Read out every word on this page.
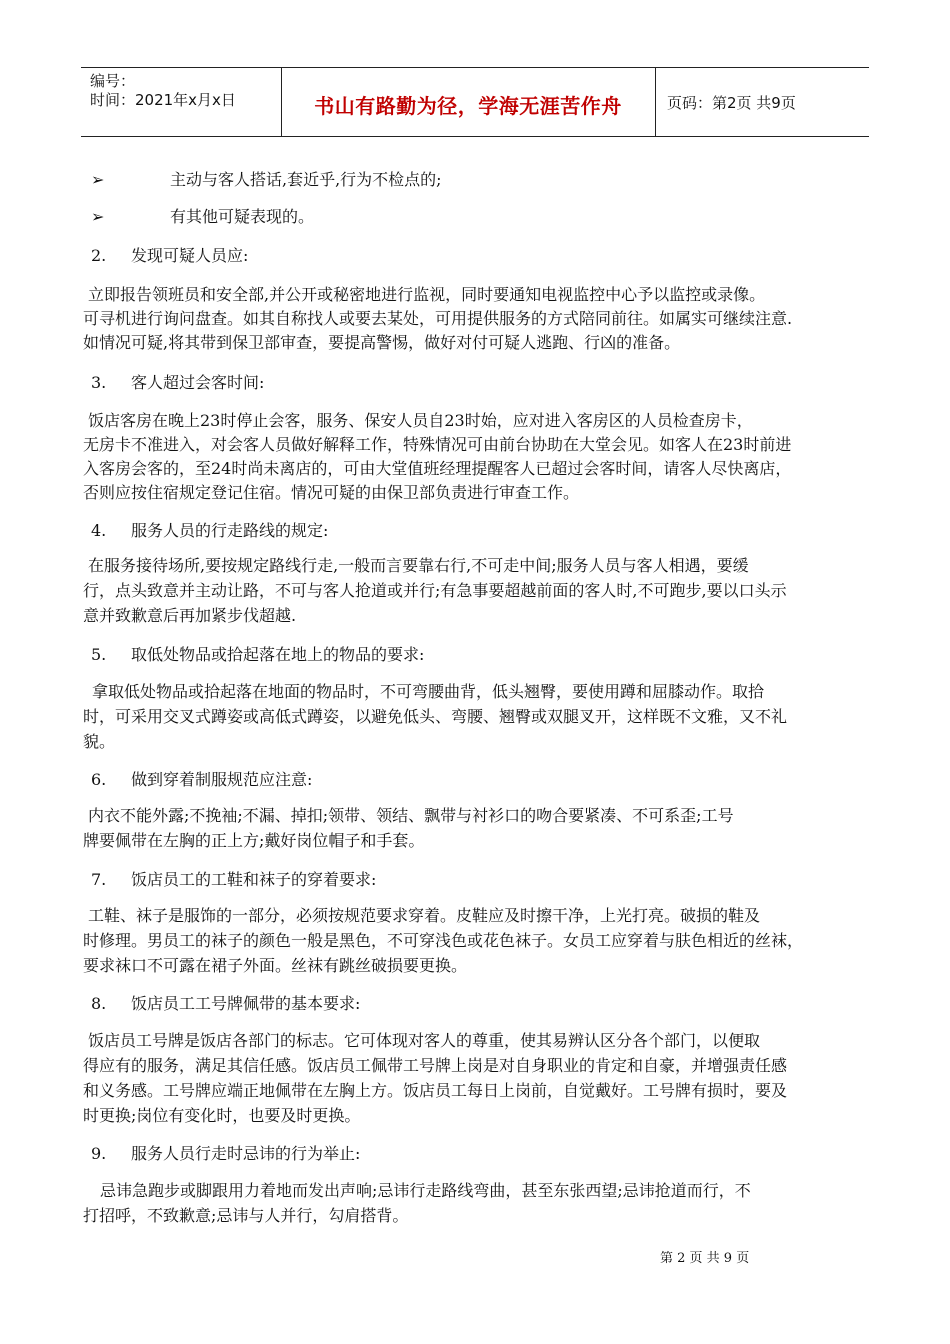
编号：
时间：2021年x月x日	书山有路勤为径，学海无涯苦作舟	页码：第2页 共9页
➢	主动与客人搭话,套近乎,行为不检点的;
➢	有其他可疑表现的。
2. 发现可疑人员应:
立即报告领班员和安全部,并公开或秘密地进行监视，同时要通知电视监控中心予以监控或录像。
可寻机进行询问盘查。如其自称找人或要去某处，可用提供服务的方式陪同前往。如属实可继续注意.
如情况可疑,将其带到保卫部审查，要提高警惕，做好对付可疑人逃跑、行凶的准备。
3. 客人超过会客时间:
饭店客房在晚上23时停止会客，服务、保安人员自23时始，应对进入客房区的人员检查房卡，
无房卡不准进入，对会客人员做好解释工作，特殊情况可由前台协助在大堂会见。如客人在23时前进
入客房会客的，至24时尚未离店的，可由大堂值班经理提醒客人已超过会客时间，请客人尽快离店，
否则应按住宿规定登记住宿。情况可疑的由保卫部负责进行审查工作。
4. 服务人员的行走路线的规定:
在服务接待场所,要按规定路线行走,一般而言要靠右行,不可走中间;服务人员与客人相遇，要缓
行，点头致意并主动让路，不可与客人抢道或并行;有急事要超越前面的客人时,不可跑步,要以口头示
意并致歉意后再加紧步伐超越.
5. 取低处物品或拾起落在地上的物品的要求:
拿取低处物品或拾起落在地面的物品时，不可弯腰曲背，低头翘臀，要使用蹲和屈膝动作。取拾
时，可采用交叉式蹲姿或高低式蹲姿，以避免低头、弯腰、翘臀或双腿叉开，这样既不文雅，又不礼
貌。
6. 做到穿着制服规范应注意:
内衣不能外露;不挽袖;不漏、掉扣;领带、领结、飘带与衬衫口的吻合要紧凑、不可系歪;工号
牌要佩带在左胸的正上方;戴好岗位帽子和手套。
7. 饭店员工的工鞋和袜子的穿着要求:
工鞋、袜子是服饰的一部分，必须按规范要求穿着。皮鞋应及时擦干净，上光打亮。破损的鞋及
时修理。男员工的袜子的颜色一般是黑色，不可穿浅色或花色袜子。女员工应穿着与肤色相近的丝袜，
要求袜口不可露在裙子外面。丝袜有跳丝破损要更换。
8. 饭店员工工号牌佩带的基本要求:
饭店员工号牌是饭店各部门的标志。它可体现对客人的尊重，使其易辨认区分各个部门，以便取
得应有的服务，满足其信任感。饭店员工佩带工号牌上岗是对自身职业的肯定和自豪，并增强责任感
和义务感。工号牌应端正地佩带在左胸上方。饭店员工每日上岗前，自觉戴好。工号牌有损时，要及
时更换;岗位有变化时，也要及时更换。
9. 服务人员行走时忌讳的行为举止:
忌讳急跑步或脚跟用力着地而发出声响;忌讳行走路线弯曲，甚至东张西望;忌讳抢道而行，不
打招呼，不致歉意;忌讳与人并行，勾肩搭背。
第 2 页 共 9 页
